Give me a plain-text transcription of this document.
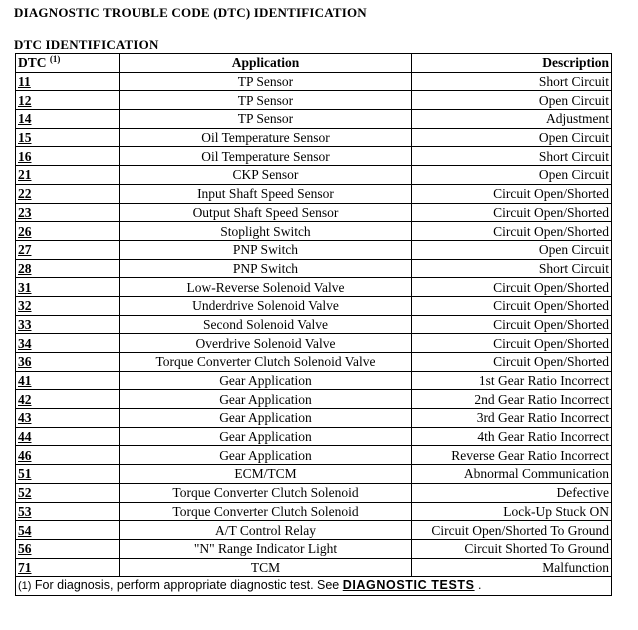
DIAGNOSTIC TROUBLE CODE (DTC) IDENTIFICATION
DTC IDENTIFICATION
DTC $^{(1)}$	Application	Description
11	TP Sensor	Short Circuit
12	TP Sensor	Open Circuit
14	TP Sensor	Adjustment
15	Oil Temperature Sensor	Open Circuit
16	Oil Temperature Sensor	Short Circuit
21	CKP Sensor	Open Circuit
22	Input Shaft Speed Sensor	Circuit Open/Shorted
23	Output Shaft Speed Sensor	Circuit Open/Shorted
26	Stoplight Switch	Circuit Open/Shorted
27	PNP Switch	Open Circuit
28	PNP Switch	Short Circuit
31	Low-Reverse Solenoid Valve	Circuit Open/Shorted
32	Underdrive Solenoid Valve	Circuit Open/Shorted
33	Second Solenoid Valve	Circuit Open/Shorted
34	Overdrive Solenoid Valve	Circuit Open/Shorted
36	Torque Converter Clutch Solenoid Valve	Circuit Open/Shorted
41	Gear Application	1st Gear Ratio Incorrect
42	Gear Application	2nd Gear Ratio Incorrect
43	Gear Application	3rd Gear Ratio Incorrect
44	Gear Application	4th Gear Ratio Incorrect
46	Gear Application	Reverse Gear Ratio Incorrect
51	ECM/TCM	Abnormal Communication
52	Torque Converter Clutch Solenoid	Defective
53	Torque Converter Clutch Solenoid	Lock-Up Stuck ON
54	A/T Control Relay	Circuit Open/Shorted To Ground
56	"N" Range Indicator Light	Circuit Shorted To Ground
71	TCM	Malfunction
(1) For diagnosis, perform appropriate diagnostic test. See DIAGNOSTIC TESTS .		
